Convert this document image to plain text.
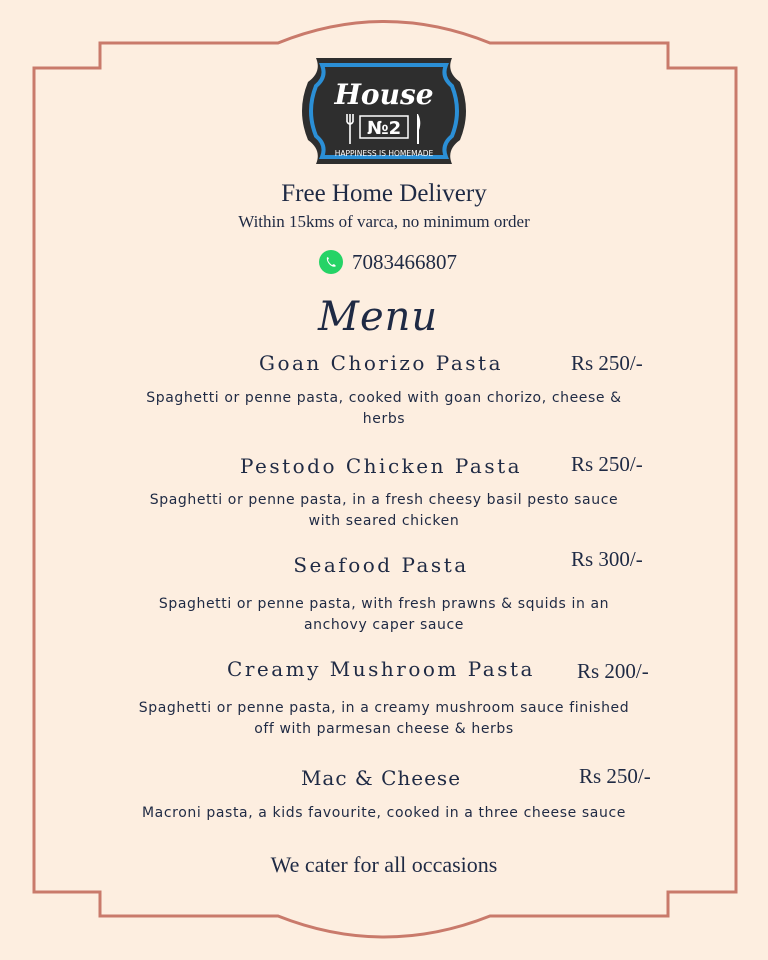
House
№2
HAPPINESS IS HOMEMADE
Free Home Delivery
Within 15kms of varca, no minimum order
7083466807
Menu
Goan Chorizo Pasta	Rs 250/-
Spaghetti or penne pasta, cooked with goan chorizo, cheese & herbs
Pestodo Chicken Pasta	Rs 250/-
Spaghetti or penne pasta, in a fresh cheesy basil pesto sauce with seared chicken
Seafood Pasta	Rs 300/-
Spaghetti or penne pasta, with fresh prawns & squids in an anchovy caper sauce
Creamy Mushroom Pasta	Rs 200/-
Spaghetti or penne pasta, in a creamy mushroom sauce finished off with parmesan cheese & herbs
Mac & Cheese	Rs 250/-
Macroni pasta, a kids favourite, cooked in a three cheese sauce
We cater for all occasions
